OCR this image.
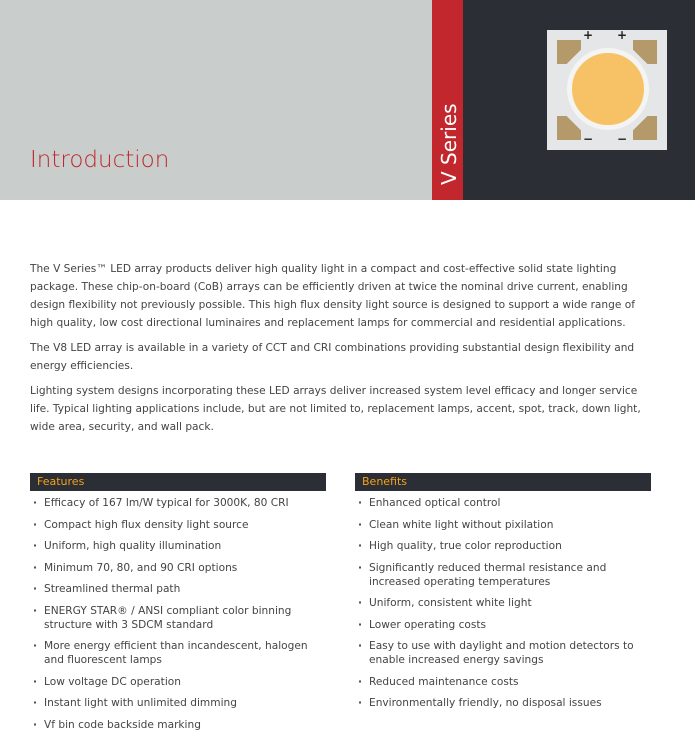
Introduction	V Series
+ +
− −

The V Series™ LED array products deliver high quality light in a compact and cost-effective solid state lighting package. These chip-on-board (CoB) arrays can be efficiently driven at twice the nominal drive current, enabling design flexibility not previously possible. This high flux density light source is designed to support a wide range of high quality, low cost directional luminaires and replacement lamps for commercial and residential applications.

The V8 LED array is available in a variety of CCT and CRI combinations providing substantial design flexibility and energy efficiencies.

Lighting system designs incorporating these LED arrays deliver increased system level efficacy and longer service life. Typical lighting applications include, but are not limited to, replacement lamps, accent, spot, track, down light, wide area, security, and wall pack.

Features
· Efficacy of 167 lm/W typical for 3000K, 80 CRI
· Compact high flux density light source
· Uniform, high quality illumination
· Minimum 70, 80, and 90 CRI options
· Streamlined thermal path
· ENERGY STAR® / ANSI compliant color binning structure with 3 SDCM standard
· More energy efficient than incandescent, halogen and fluorescent lamps
· Low voltage DC operation
· Instant light with unlimited dimming
· Vf bin code backside marking
Benefits
· Enhanced optical control
· Clean white light without pixilation
· High quality, true color reproduction
· Significantly reduced thermal resistance and increased operating temperatures
· Uniform, consistent white light
· Lower operating costs
· Easy to use with daylight and motion detectors to enable increased energy savings
· Reduced maintenance costs
· Environmentally friendly, no disposal issues
